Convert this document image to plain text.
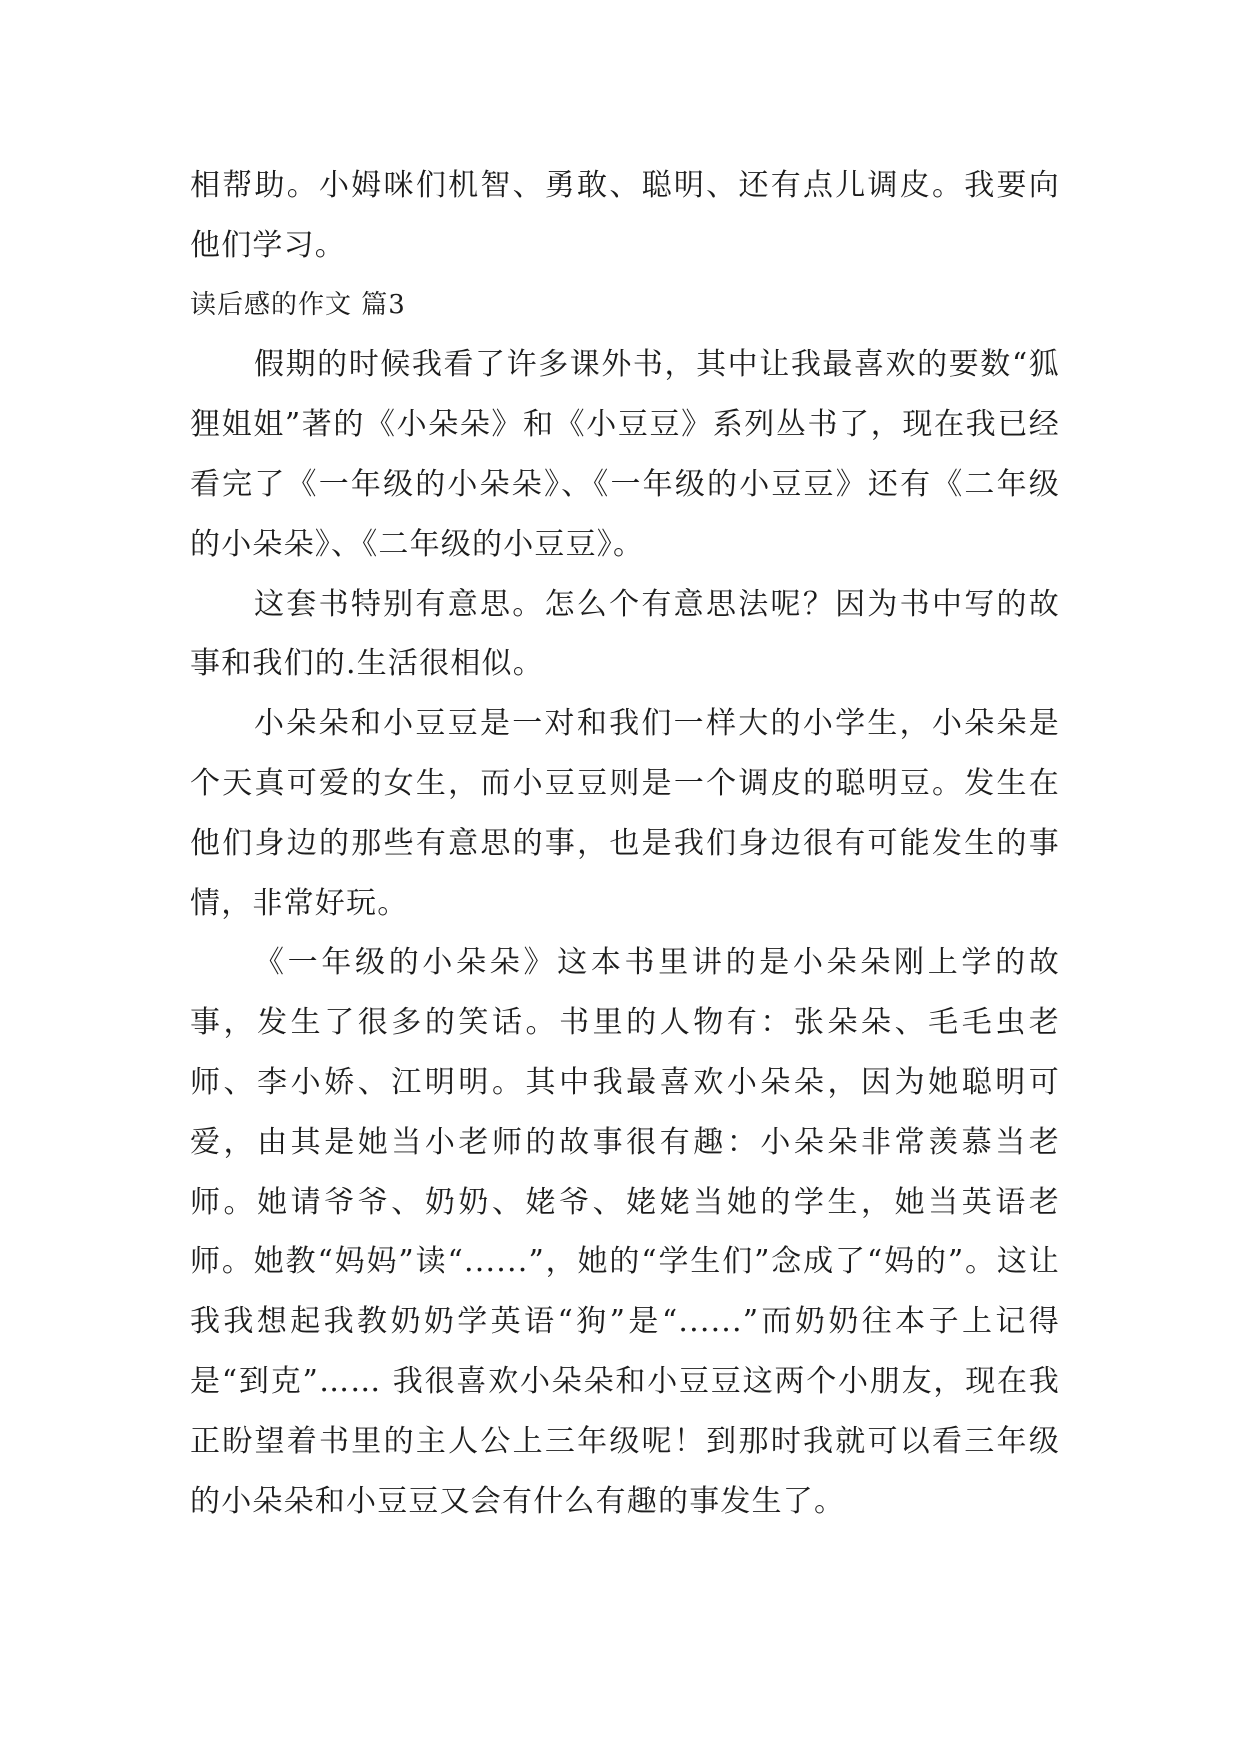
相帮助。小姆咪们机智、勇敢、聪明、还有点儿调皮。我要向他们学习。

读后感的作文 篇3

假期的时候我看了许多课外书，其中让我最喜欢的要数“狐狸姐姐”著的《小朵朵》和《小豆豆》系列丛书了，现在我已经看完了《一年级的小朵朵》、《一年级的小豆豆》还有《二年级的小朵朵》、《二年级的小豆豆》。

这套书特别有意思。怎么个有意思法呢？因为书中写的故事和我们的.生活很相似。

小朵朵和小豆豆是一对和我们一样大的小学生，小朵朵是个天真可爱的女生，而小豆豆则是一个调皮的聪明豆。发生在他们身边的那些有意思的事，也是我们身边很有可能发生的事情，非常好玩。

《一年级的小朵朵》这本书里讲的是小朵朵刚上学的故事，发生了很多的笑话。书里的人物有：张朵朵、毛毛虫老师、李小娇、江明明。其中我最喜欢小朵朵，因为她聪明可爱，由其是她当小老师的故事很有趣：小朵朵非常羡慕当老师。她请爷爷、奶奶、姥爷、姥姥当她的学生，她当英语老师。她教“妈妈”读“......”，她的“学生们”念成了“妈的”。这让我我想起我教奶奶学英语“狗”是“......”而奶奶往本子上记得是“到克”…… 我很喜欢小朵朵和小豆豆这两个小朋友，现在我正盼望着书里的主人公上三年级呢！到那时我就可以看三年级的小朵朵和小豆豆又会有什么有趣的事发生了。
